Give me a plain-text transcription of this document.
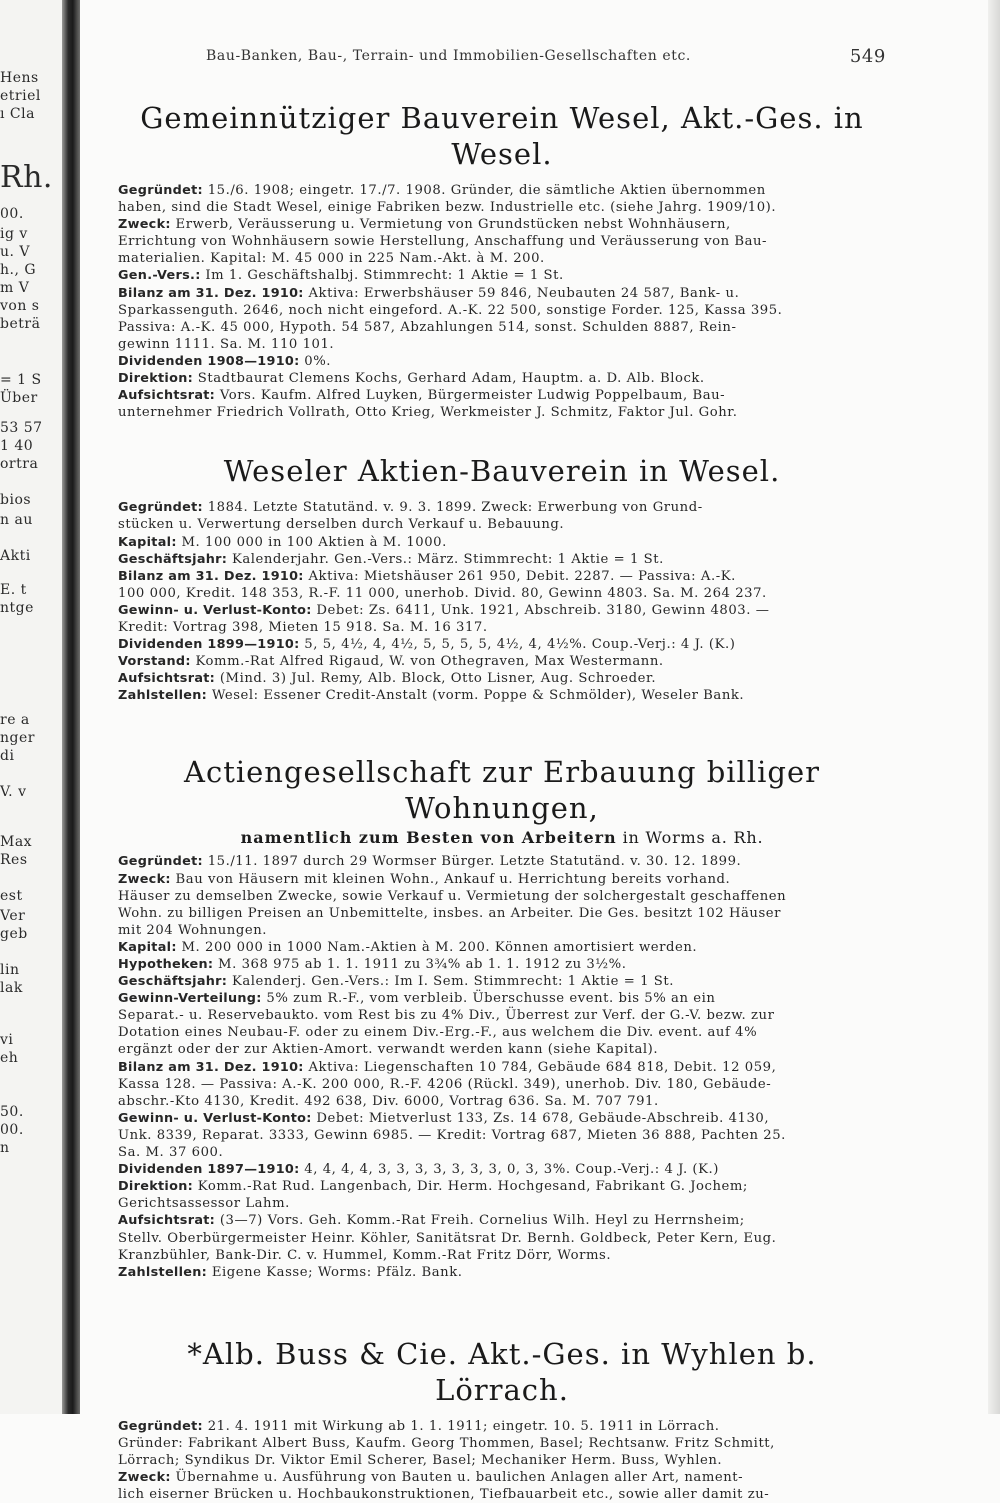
Hens
etriel
ı Cla
Rh.
00.
ig v
u. V
h., G
m V
von s
beträ
= 1 S
Über
53 57
1 40
ortra
bios
n au
Akti
E. t
ntge
re a
nger
di
V. v
Max
Res
est
Ver
geb
lin
lak
vi
eh
50.
00.
n
Bau-Banken, Bau-, Terrain- und Immobilien-Gesellschaften etc.	549
Gemeinnütziger Bauverein Wesel, Akt.-Ges. in Wesel.
Gegründet: 15./6. 1908; eingetr. 17./7. 1908. Gründer, die sämtliche Aktien übernommen
haben, sind die Stadt Wesel, einige Fabriken bezw. Industrielle etc. (siehe Jahrg. 1909/10).
Zweck: Erwerb, Veräusserung u. Vermietung von Grundstücken nebst Wohnhäusern,
Errichtung von Wohnhäusern sowie Herstellung, Anschaffung und Veräusserung von Bau-
materialien. Kapital: M. 45 000 in 225 Nam.-Akt. à M. 200.
Gen.-Vers.: Im 1. Geschäftshalbj. Stimmrecht: 1 Aktie = 1 St.
Bilanz am 31. Dez. 1910: Aktiva: Erwerbshäuser 59 846, Neubauten 24 587, Bank- u.
Sparkassenguth. 2646, noch nicht eingeford. A.-K. 22 500, sonstige Forder. 125, Kassa 395.
Passiva: A.-K. 45 000, Hypoth. 54 587, Abzahlungen 514, sonst. Schulden 8887, Rein-
gewinn 1111. Sa. M. 110 101.
Dividenden 1908—1910: 0%.
Direktion: Stadtbaurat Clemens Kochs, Gerhard Adam, Hauptm. a. D. Alb. Block.
Aufsichtsrat: Vors. Kaufm. Alfred Luyken, Bürgermeister Ludwig Poppelbaum, Bau-
unternehmer Friedrich Vollrath, Otto Krieg, Werkmeister J. Schmitz, Faktor Jul. Gohr.
Weseler Aktien-Bauverein in Wesel.
Gegründet: 1884. Letzte Statutänd. v. 9. 3. 1899. Zweck: Erwerbung von Grund-
stücken u. Verwertung derselben durch Verkauf u. Bebauung.
Kapital: M. 100 000 in 100 Aktien à M. 1000.
Geschäftsjahr: Kalenderjahr. Gen.-Vers.: März. Stimmrecht: 1 Aktie = 1 St.
Bilanz am 31. Dez. 1910: Aktiva: Mietshäuser 261 950, Debit. 2287. — Passiva: A.-K.
100 000, Kredit. 148 353, R.-F. 11 000, unerhob. Divid. 80, Gewinn 4803. Sa. M. 264 237.
Gewinn- u. Verlust-Konto: Debet: Zs. 6411, Unk. 1921, Abschreib. 3180, Gewinn 4803. —
Kredit: Vortrag 398, Mieten 15 918. Sa. M. 16 317.
Dividenden 1899—1910: 5, 5, 4½, 4, 4½, 5, 5, 5, 5, 4½, 4, 4½%. Coup.-Verj.: 4 J. (K.)
Vorstand: Komm.-Rat Alfred Rigaud, W. von Othegraven, Max Westermann.
Aufsichtsrat: (Mind. 3) Jul. Remy, Alb. Block, Otto Lisner, Aug. Schroeder.
Zahlstellen: Wesel: Essener Credit-Anstalt (vorm. Poppe & Schmölder), Weseler Bank.
Actiengesellschaft zur Erbauung billiger Wohnungen,
namentlich zum Besten von Arbeitern in Worms a. Rh.
Gegründet: 15./11. 1897 durch 29 Wormser Bürger. Letzte Statutänd. v. 30. 12. 1899.
Zweck: Bau von Häusern mit kleinen Wohn., Ankauf u. Herrichtung bereits vorhand.
Häuser zu demselben Zwecke, sowie Verkauf u. Vermietung der solchergestalt geschaffenen
Wohn. zu billigen Preisen an Unbemittelte, insbes. an Arbeiter. Die Ges. besitzt 102 Häuser
mit 204 Wohnungen.
Kapital: M. 200 000 in 1000 Nam.-Aktien à M. 200. Können amortisiert werden.
Hypotheken: M. 368 975 ab 1. 1. 1911 zu 3¾% ab 1. 1. 1912 zu 3½%.
Geschäftsjahr: Kalenderj. Gen.-Vers.: Im I. Sem. Stimmrecht: 1 Aktie = 1 St.
Gewinn-Verteilung: 5% zum R.-F., vom verbleib. Überschusse event. bis 5% an ein
Separat.- u. Reservebaukto. vom Rest bis zu 4% Div., Überrest zur Verf. der G.-V. bezw. zur
Dotation eines Neubau-F. oder zu einem Div.-Erg.-F., aus welchem die Div. event. auf 4%
ergänzt oder der zur Aktien-Amort. verwandt werden kann (siehe Kapital).
Bilanz am 31. Dez. 1910: Aktiva: Liegenschaften 10 784, Gebäude 684 818, Debit. 12 059,
Kassa 128. — Passiva: A.-K. 200 000, R.-F. 4206 (Rückl. 349), unerhob. Div. 180, Gebäude-
abschr.-Kto 4130, Kredit. 492 638, Div. 6000, Vortrag 636. Sa. M. 707 791.
Gewinn- u. Verlust-Konto: Debet: Mietverlust 133, Zs. 14 678, Gebäude-Abschreib. 4130,
Unk. 8339, Reparat. 3333, Gewinn 6985. — Kredit: Vortrag 687, Mieten 36 888, Pachten 25.
Sa. M. 37 600.
Dividenden 1897—1910: 4, 4, 4, 4, 3, 3, 3, 3, 3, 3, 3, 0, 3, 3%. Coup.-Verj.: 4 J. (K.)
Direktion: Komm.-Rat Rud. Langenbach, Dir. Herm. Hochgesand, Fabrikant G. Jochem;
Gerichtsassessor Lahm.
Aufsichtsrat: (3—7) Vors. Geh. Komm.-Rat Freih. Cornelius Wilh. Heyl zu Herrnsheim;
Stellv. Oberbürgermeister Heinr. Köhler, Sanitätsrat Dr. Bernh. Goldbeck, Peter Kern, Eug.
Kranzbühler, Bank-Dir. C. v. Hummel, Komm.-Rat Fritz Dörr, Worms.
Zahlstellen: Eigene Kasse; Worms: Pfälz. Bank.
*Alb. Buss & Cie. Akt.-Ges. in Wyhlen b. Lörrach.
Gegründet: 21. 4. 1911 mit Wirkung ab 1. 1. 1911; eingetr. 10. 5. 1911 in Lörrach.
Gründer: Fabrikant Albert Buss, Kaufm. Georg Thommen, Basel; Rechtsanw. Fritz Schmitt,
Lörrach; Syndikus Dr. Viktor Emil Scherer, Basel; Mechaniker Herm. Buss, Wyhlen.
Zweck: Übernahme u. Ausführung von Bauten u. baulichen Anlagen aller Art, nament-
lich eiserner Brücken u. Hochbaukonstruktionen, Tiefbauarbeit etc., sowie aller damit zu-
